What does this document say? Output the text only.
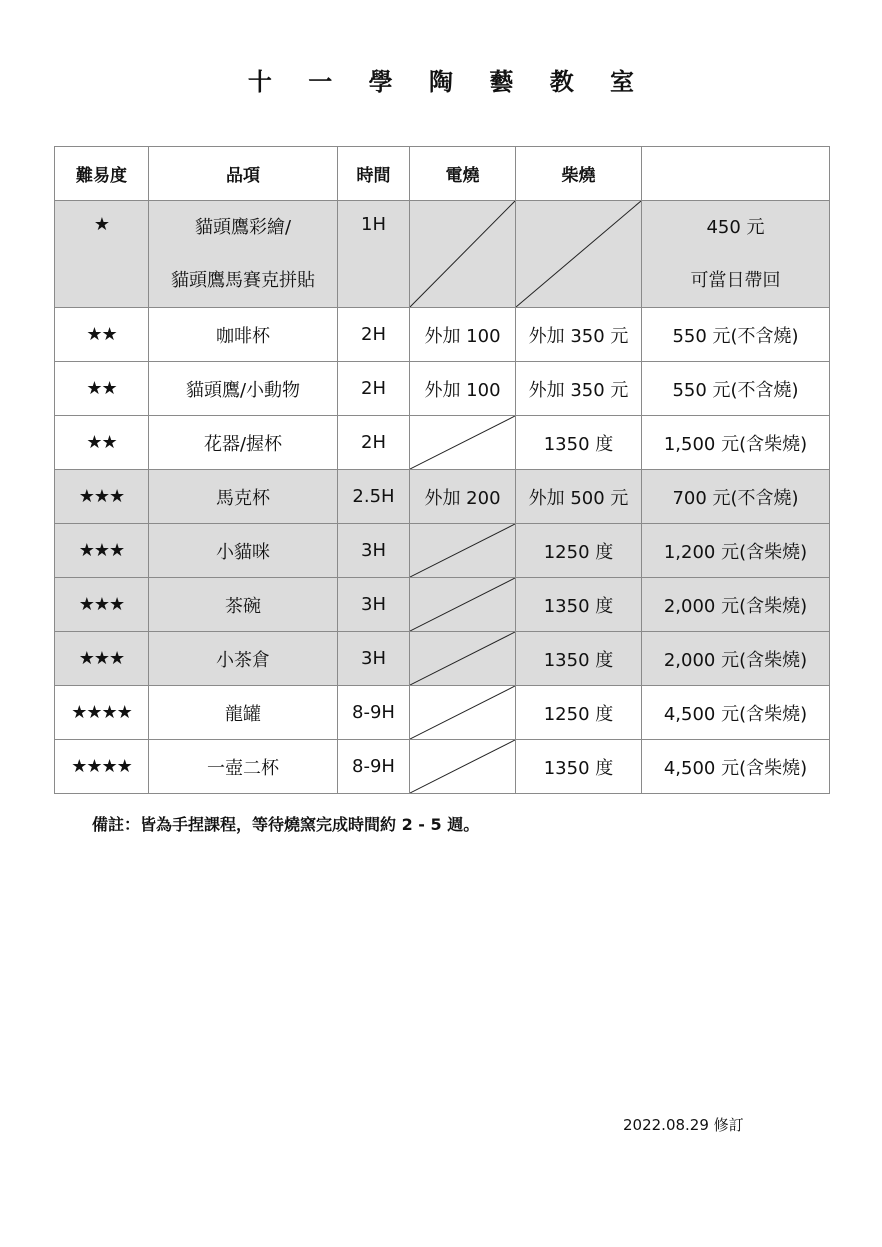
十 一 學 陶 藝 教 室
難易度	品項	時間	電燒	柴燒	

★	貓頭鷹彩繪/
貓頭鷹馬賽克拼貼	1H			450 元
可當日帶回

★★	咖啡杯	2H	外加 100	外加 350 元	550 元(不含燒)
★★	貓頭鷹/小動物	2H	外加 100	外加 350 元	550 元(不含燒)
★★	花器/握杯	2H		1350 度	1,500 元(含柴燒)
★★★	馬克杯	2.5H	外加 200	外加 500 元	700 元(不含燒)
★★★	小貓咪	3H		1250 度	1,200 元(含柴燒)
★★★	茶碗	3H		1350 度	2,000 元(含柴燒)
★★★	小茶倉	3H		1350 度	2,000 元(含柴燒)
★★★★	龍罐	8-9H		1250 度	4,500 元(含柴燒)
★★★★	一壺二杯	8-9H		1350 度	4,500 元(含柴燒)
備註：皆為手捏課程，等待燒窯完成時間約 2 - 5 週。
2022.08.29 修訂
